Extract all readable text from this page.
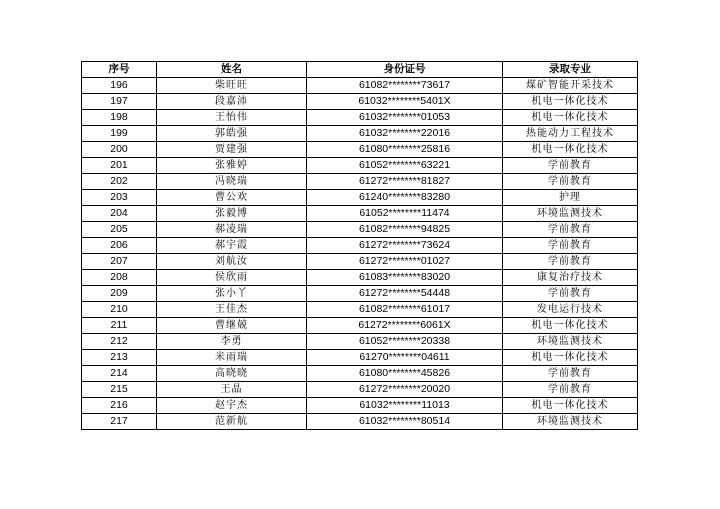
序号	姓名	身份证号	录取专业
196	柴旺旺	61082********73617	煤矿智能开采技术
197	段嘉沛	61032********5401X	机电一体化技术
198	王怡伟	61032********01053	机电一体化技术
199	郭皓强	61032********22016	热能动力工程技术
200	贾建强	61080********25816	机电一体化技术
201	张雅婷	61052********63221	学前教育
202	冯晓瑞	61272********81827	学前教育
203	曹公欢	61240********83280	护理
204	张毅博	61052********11474	环境监测技术
205	郝凌瑞	61082********94825	学前教育
206	郝宇霞	61272********73624	学前教育
207	刘航汝	61272********01027	学前教育
208	侯欣雨	61083********83020	康复治疗技术
209	张小丫	61272********54448	学前教育
210	王佳杰	61082********61017	发电运行技术
211	曹继兢	61272********6061X	机电一体化技术
212	李勇	61052********20338	环境监测技术
213	米雨瑞	61270********04611	机电一体化技术
214	高晓晓	61080********45826	学前教育
215	王晶	61272********20020	学前教育
216	赵宇杰	61032********11013	机电一体化技术
217	范新航	61032********80514	环境监测技术
